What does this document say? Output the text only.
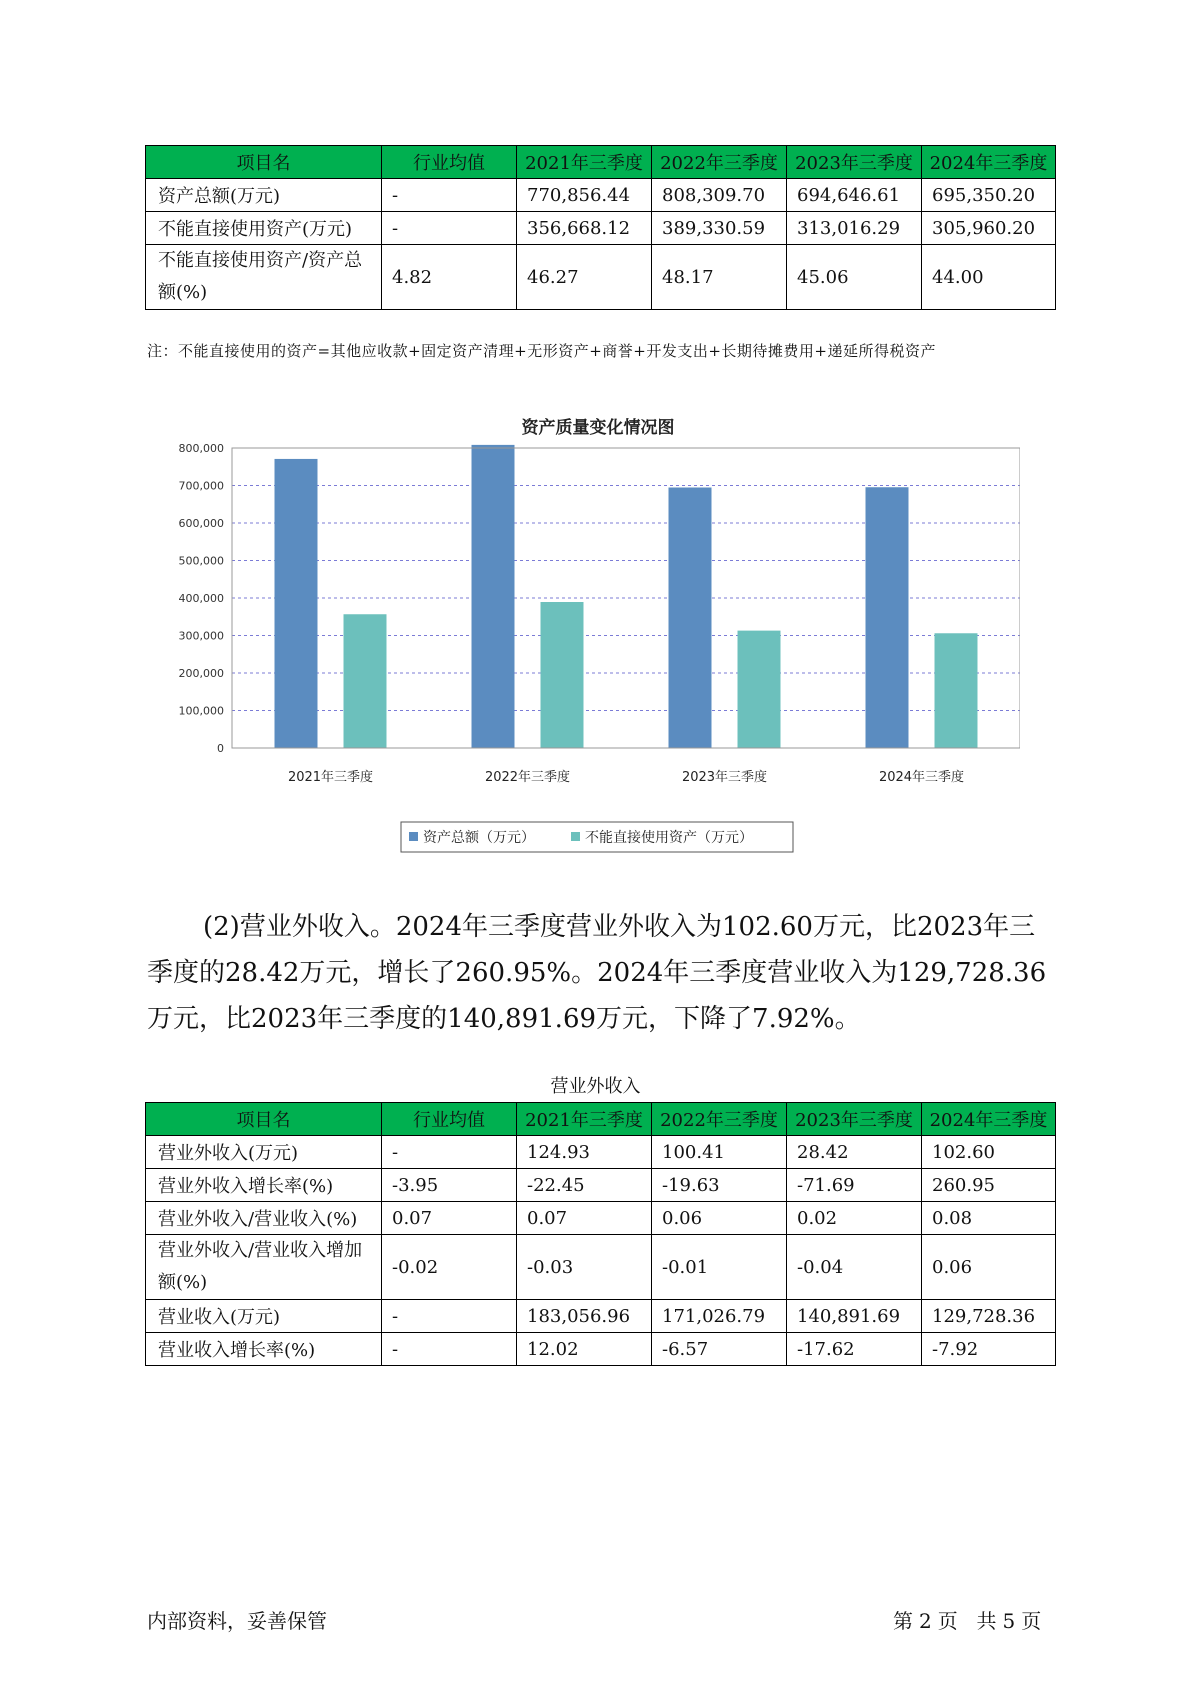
项目名	行业均值	2021年三季度	2022年三季度	2023年三季度	2024年三季度
资产总额(万元)	-	770,856.44	808,309.70	694,646.61	695,350.20
不能直接使用资产(万元)	-	356,668.12	389,330.59	313,016.29	305,960.20
不能直接使用资产/资产总额(%)	4.82	46.27	48.17	45.06	44.00
注：不能直接使用的资产=其他应收款+固定资产清理+无形资产+商誉+开发支出+长期待摊费用+递延所得税资产
资产质量变化情况图
0
100,000
200,000
300,000
400,000
500,000
600,000
700,000
800,000
2021年三季度	2022年三季度	2023年三季度	2024年三季度
资产总额（万元）	不能直接使用资产（万元）
(2)营业外收入。2024年三季度营业外收入为102.60万元，比2023年三季度的28.42万元，增长了260.95%。2024年三季度营业收入为129,728.36万元，比2023年三季度的140,891.69万元，下降了7.92%。
营业外收入
项目名	行业均值	2021年三季度	2022年三季度	2023年三季度	2024年三季度
营业外收入(万元)	-	124.93	100.41	28.42	102.60
营业外收入增长率(%)	-3.95	-22.45	-19.63	-71.69	260.95
营业外收入/营业收入(%)	0.07	0.07	0.06	0.02	0.08
营业外收入/营业收入增加额(%)	-0.02	-0.03	-0.01	-0.04	0.06
营业收入(万元)	-	183,056.96	171,026.79	140,891.69	129,728.36
营业收入增长率(%)	-	12.02	-6.57	-17.62	-7.92
内部资料，妥善保管	第 2 页 共 5 页
